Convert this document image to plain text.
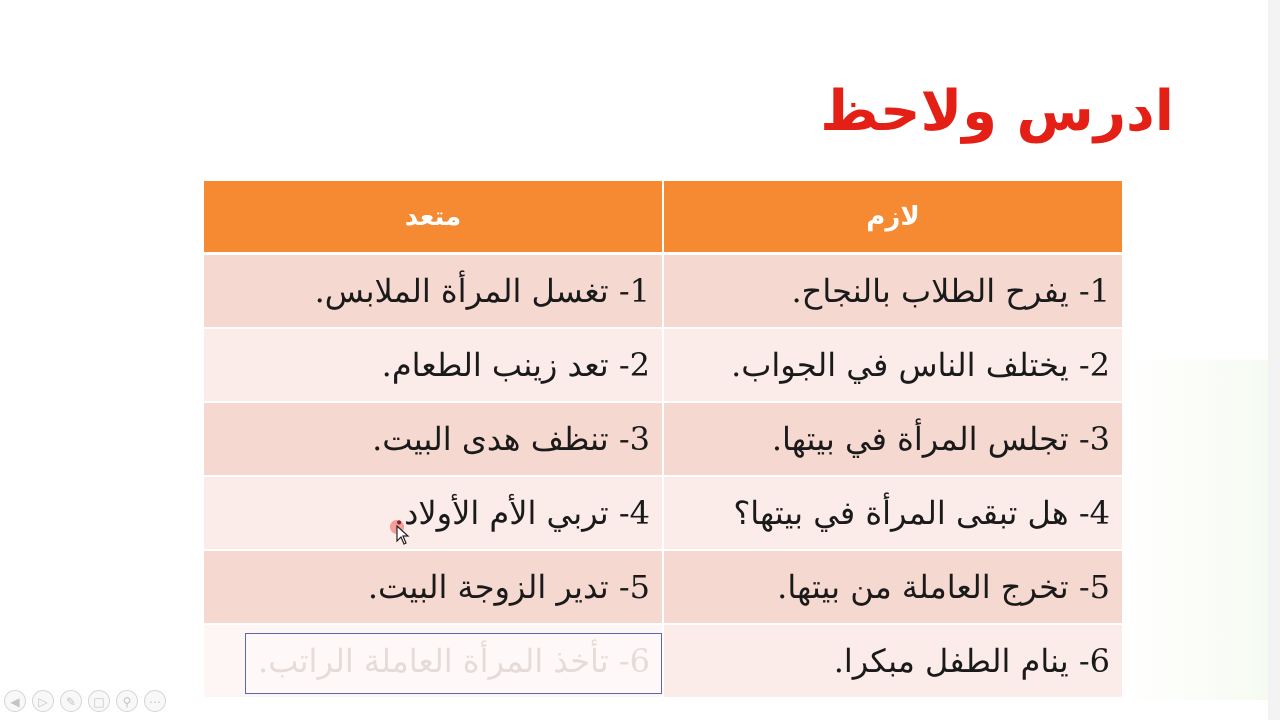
ادرس ولاحظ
لازم	متعد
1- يفرح الطلاب بالنجاح.	1- تغسل المرأة الملابس.
2- يختلف الناس في الجواب.	2- تعد زينب الطعام.
3- تجلس المرأة في بيتها.	3- تنظف هدى البيت.
4- هل تبقى المرأة في بيتها؟	4- تربي الأم الأولاد.
5- تخرج العاملة من بيتها.	5- تدير الزوجة البيت.
6- ينام الطفل مبكرا.	6- تأخذ المرأة العاملة الراتب.
◀	▷	✎	□	⚲	⋯
